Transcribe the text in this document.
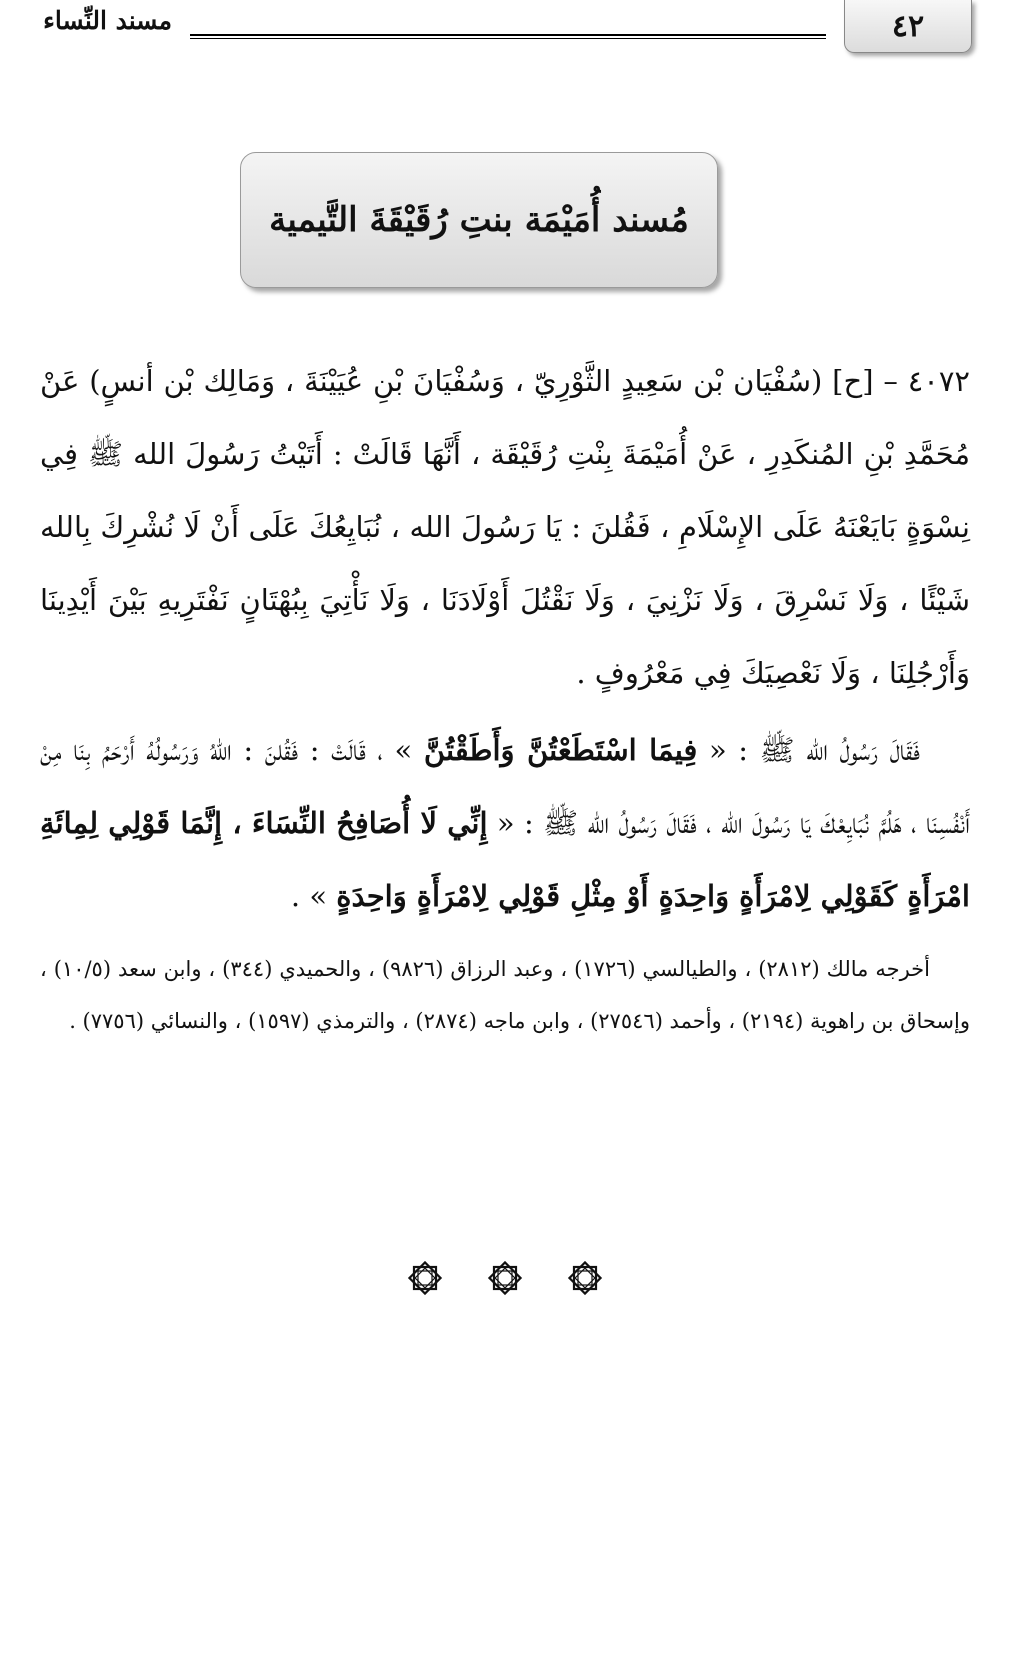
٤٢
مسند النِّساء
مُسند أُمَيْمَة بنتِ رُقَيْقَةَ التَّيمية

٤٠٧٢ – [ح] (سُفْيَان بْن سَعِيدٍ الثَّوْرِيّ ، وَسُفْيَانَ بْنِ عُيَيْنَةَ ، وَمَالِك بْن أنسٍ) عَنْ مُحَمَّدِ بْنِ المُنكَدِرِ ، عَنْ أُمَيْمَةَ بِنْتِ رُقَيْقَة ، أَنَّهَا قَالَتْ : أَتَيْتُ رَسُولَ الله ﷺ فِي نِسْوَةٍ بَايَعْنَهُ عَلَى الإِسْلَامِ ، فَقُلنَ : يَا رَسُولَ الله ، نُبَايِعُكَ عَلَى أَنْ لَا نُشْرِكَ بِالله شَيْئًا ، وَلَا نَسْرِقَ ، وَلَا نَزْنِيَ ، وَلَا نَقْتُلَ أَوْلَادَنَا ، وَلَا نَأْتِيَ بِبُهْتَانٍ نَفْتَرِيهِ بَيْنَ أَيْدِينَا وَأَرْجُلِنَا ، وَلَا نَعْصِيَكَ فِي مَعْرُوفٍ .

فَقَالَ رَسُولُ الله ﷺ : « فِيمَا اسْتَطَعْتُنَّ وَأَطَقْتُنَّ » ، قَالَتْ : فَقُلنَ : اللهُ وَرَسُولُهُ أَرْحَمُ بِنَا مِنْ أَنْفُسِنَا ، هَلُمَّ نُبَايِعْكَ يَا رَسُولَ الله ، فَقَالَ رَسُولُ الله ﷺ : « إِنِّي لَا أُصَافِحُ النِّسَاءَ ، إِنَّمَا قَوْلِي لِمِائَةِ امْرَأَةٍ كَقَوْلِي لِامْرَأَةٍ وَاحِدَةٍ أَوْ مِثْلِ قَوْلِي لِامْرَأَةٍ وَاحِدَةٍ » .

أخرجه مالك (٢٨١٢) ، والطيالسي (١٧٢٦) ، وعبد الرزاق (٩٨٢٦) ، والحميدي (٣٤٤) ، وابن سعد (١٠/٥) ، وإسحاق بن راهوية (٢١٩٤) ، وأحمد (٢٧٥٤٦) ، وابن ماجه (٢٨٧٤) ، والترمذي (١٥٩٧) ، والنسائي (٧٧٥٦) .
